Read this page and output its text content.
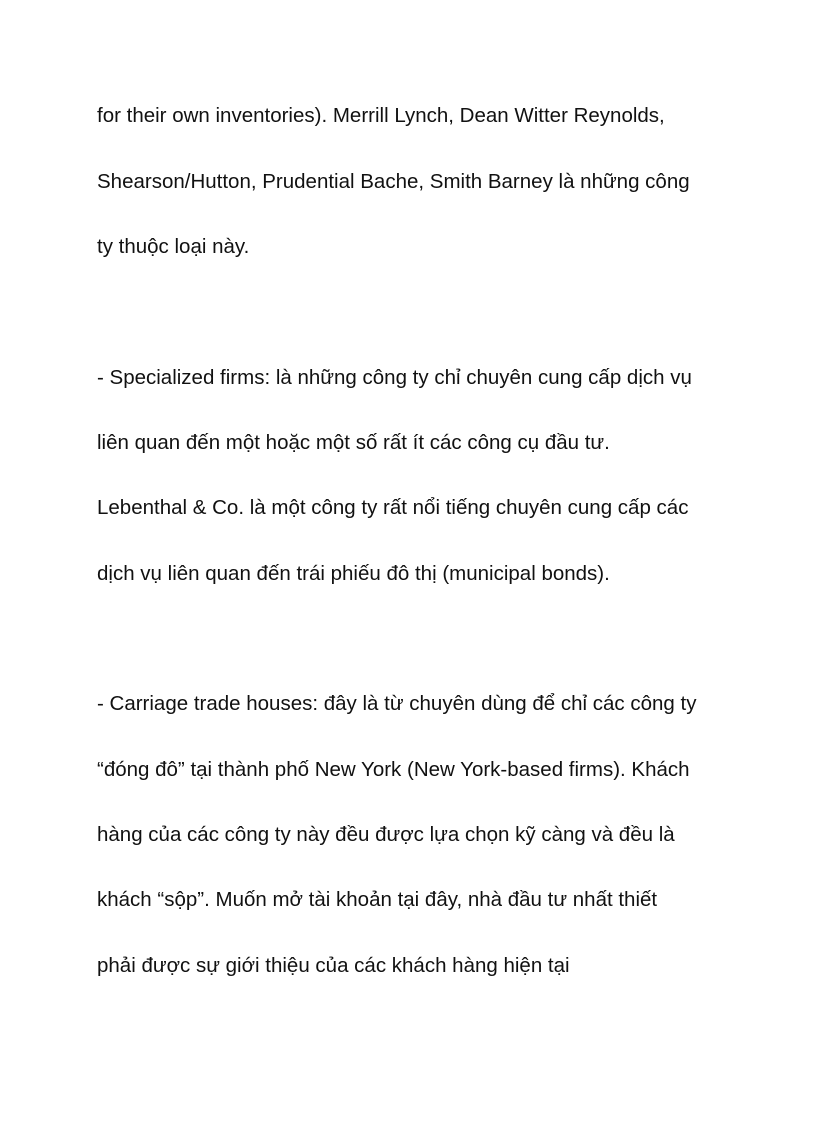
for their own inventories). Merrill Lynch, Dean Witter Reynolds,

Shearson/Hutton, Prudential Bache, Smith Barney là những công

ty thuộc loại này.

- Specialized firms: là những công ty chỉ chuyên cung cấp dịch vụ

liên quan đến một hoặc một số rất ít các công cụ đầu tư.

Lebenthal & Co. là một công ty rất nổi tiếng chuyên cung cấp các

dịch vụ liên quan đến trái phiếu đô thị (municipal bonds).

- Carriage trade houses: đây là từ chuyên dùng để chỉ các công ty

“đóng đô” tại thành phố New York (New York-based firms). Khách

hàng của các công ty này đều được lựa chọn kỹ càng và đều là

khách “sộp”. Muốn mở tài khoản tại đây, nhà đầu tư nhất thiết

phải được sự giới thiệu của các khách hàng hiện tại
